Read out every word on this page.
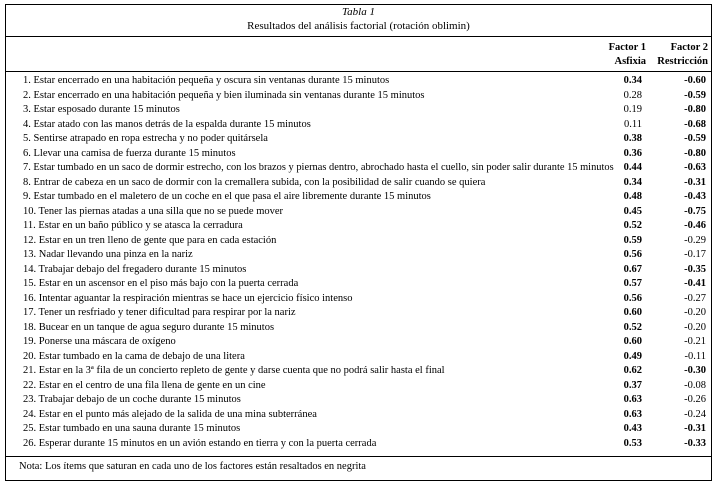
Tabla 1
Resultados del análisis factorial (rotación oblimin)
Factor 1
Asfixia
Factor 2
Restricción
1. Estar encerrado en una habitación pequeña y oscura sin ventanas durante 15 minutos	0.34	-0.60
2. Estar encerrado en una habitación pequeña y bien iluminada sin ventanas durante 15 minutos	0.28	-0.59
3. Estar esposado durante 15 minutos	0.19	-0.80
4. Estar atado con las manos detrás de la espalda durante 15 minutos	0.11	-0.68
5. Sentirse atrapado en ropa estrecha y no poder quitársela	0.38	-0.59
6. Llevar una camisa de fuerza durante 15 minutos	0.36	-0.80
7. Estar tumbado en un saco de dormir estrecho, con los brazos y piernas dentro, abrochado hasta el cuello, sin poder salir durante 15 minutos 0.44	-0.63
8. Entrar de cabeza en un saco de dormir con la cremallera subida, con la posibilidad de salir cuando se quiera	0.34	-0.31
9. Estar tumbado en el maletero de un coche en el que pasa el aire libremente durante 15 minutos	0.48	-0.43
10. Tener las piernas atadas a una silla que no se puede mover	0.45	-0.75
11. Estar en un baño público y se atasca la cerradura	0.52	-0.46
12. Estar en un tren lleno de gente que para en cada estación	0.59	-0.29
13. Nadar llevando una pinza en la nariz	0.56	-0.17
14. Trabajar debajo del fregadero durante 15 minutos	0.67	-0.35
15. Estar en un ascensor en el piso más bajo con la puerta cerrada	0.57	-0.41
16. Intentar aguantar la respiración mientras se hace un ejercicio físico intenso	0.56	-0.27
17. Tener un resfriado y tener dificultad para respirar por la nariz	0.60	-0.20
18. Bucear en un tanque de agua seguro durante 15 minutos	0.52	-0.20
19. Ponerse una máscara de oxígeno	0.60	-0.21
20. Estar tumbado en la cama de debajo de una litera	0.49	-0.11
21. Estar en la 3ª fila de un concierto repleto de gente y darse cuenta que no podrá salir hasta el final	0.62	-0.30
22. Estar en el centro de una fila llena de gente en un cine	0.37	-0.08
23. Trabajar debajo de un coche durante 15 minutos	0.63	-0.26
24. Estar en el punto más alejado de la salida de una mina subterránea	0.63	-0.24
25. Estar tumbado en una sauna durante 15 minutos	0.43	-0.31
26. Esperar durante 15 minutos en un avión estando en tierra y con la puerta cerrada	0.53	-0.33
Nota: Los ítems que saturan en cada uno de los factores están resaltados en negrita
